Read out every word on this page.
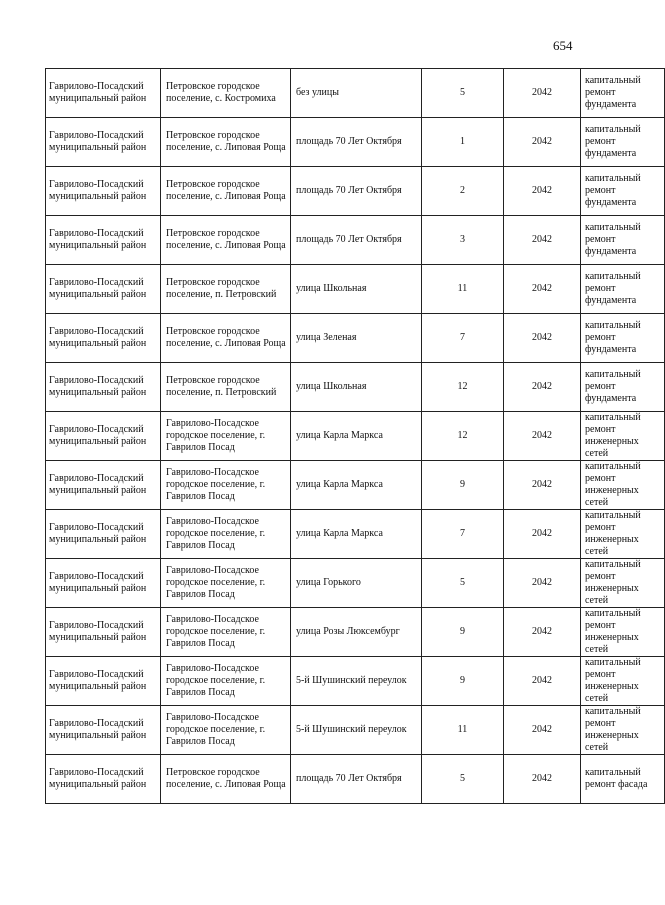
654
Гаврилово-Посадский муниципальный район	Петровское городское поселение, с. Костромиха	без улицы	5	2042	капитальный ремонт фундамента
Гаврилово-Посадский муниципальный район	Петровское городское поселение, с. Липовая Роща	площадь 70 Лет Октября	1	2042	капитальный ремонт фундамента
Гаврилово-Посадский муниципальный район	Петровское городское поселение, с. Липовая Роща	площадь 70 Лет Октября	2	2042	капитальный ремонт фундамента
Гаврилово-Посадский муниципальный район	Петровское городское поселение, с. Липовая Роща	площадь 70 Лет Октября	3	2042	капитальный ремонт фундамента
Гаврилово-Посадский муниципальный район	Петровское городское поселение, п. Петровский	улица Школьная	11	2042	капитальный ремонт фундамента
Гаврилово-Посадский муниципальный район	Петровское городское поселение, с. Липовая Роща	улица Зеленая	7	2042	капитальный ремонт фундамента
Гаврилово-Посадский муниципальный район	Петровское городское поселение, п. Петровский	улица Школьная	12	2042	капитальный ремонт фундамента
Гаврилово-Посадский муниципальный район	Гаврилово-Посадское городское поселение, г. Гаврилов Посад	улица Карла Маркса	12	2042	капитальный ремонт инженерных сетей
Гаврилово-Посадский муниципальный район	Гаврилово-Посадское городское поселение, г. Гаврилов Посад	улица Карла Маркса	9	2042	капитальный ремонт инженерных сетей
Гаврилово-Посадский муниципальный район	Гаврилово-Посадское городское поселение, г. Гаврилов Посад	улица Карла Маркса	7	2042	капитальный ремонт инженерных сетей
Гаврилово-Посадский муниципальный район	Гаврилово-Посадское городское поселение, г. Гаврилов Посад	улица Горького	5	2042	капитальный ремонт инженерных сетей
Гаврилово-Посадский муниципальный район	Гаврилово-Посадское городское поселение, г. Гаврилов Посад	улица Розы Люксембург	9	2042	капитальный ремонт инженерных сетей
Гаврилово-Посадский муниципальный район	Гаврилово-Посадское городское поселение, г. Гаврилов Посад	5-й Шушинский переулок	9	2042	капитальный ремонт инженерных сетей
Гаврилово-Посадский муниципальный район	Гаврилово-Посадское городское поселение, г. Гаврилов Посад	5-й Шушинский переулок	11	2042	капитальный ремонт инженерных сетей
Гаврилово-Посадский муниципальный район	Петровское городское поселение, с. Липовая Роща	площадь 70 Лет Октября	5	2042	капитальный ремонт фасада
